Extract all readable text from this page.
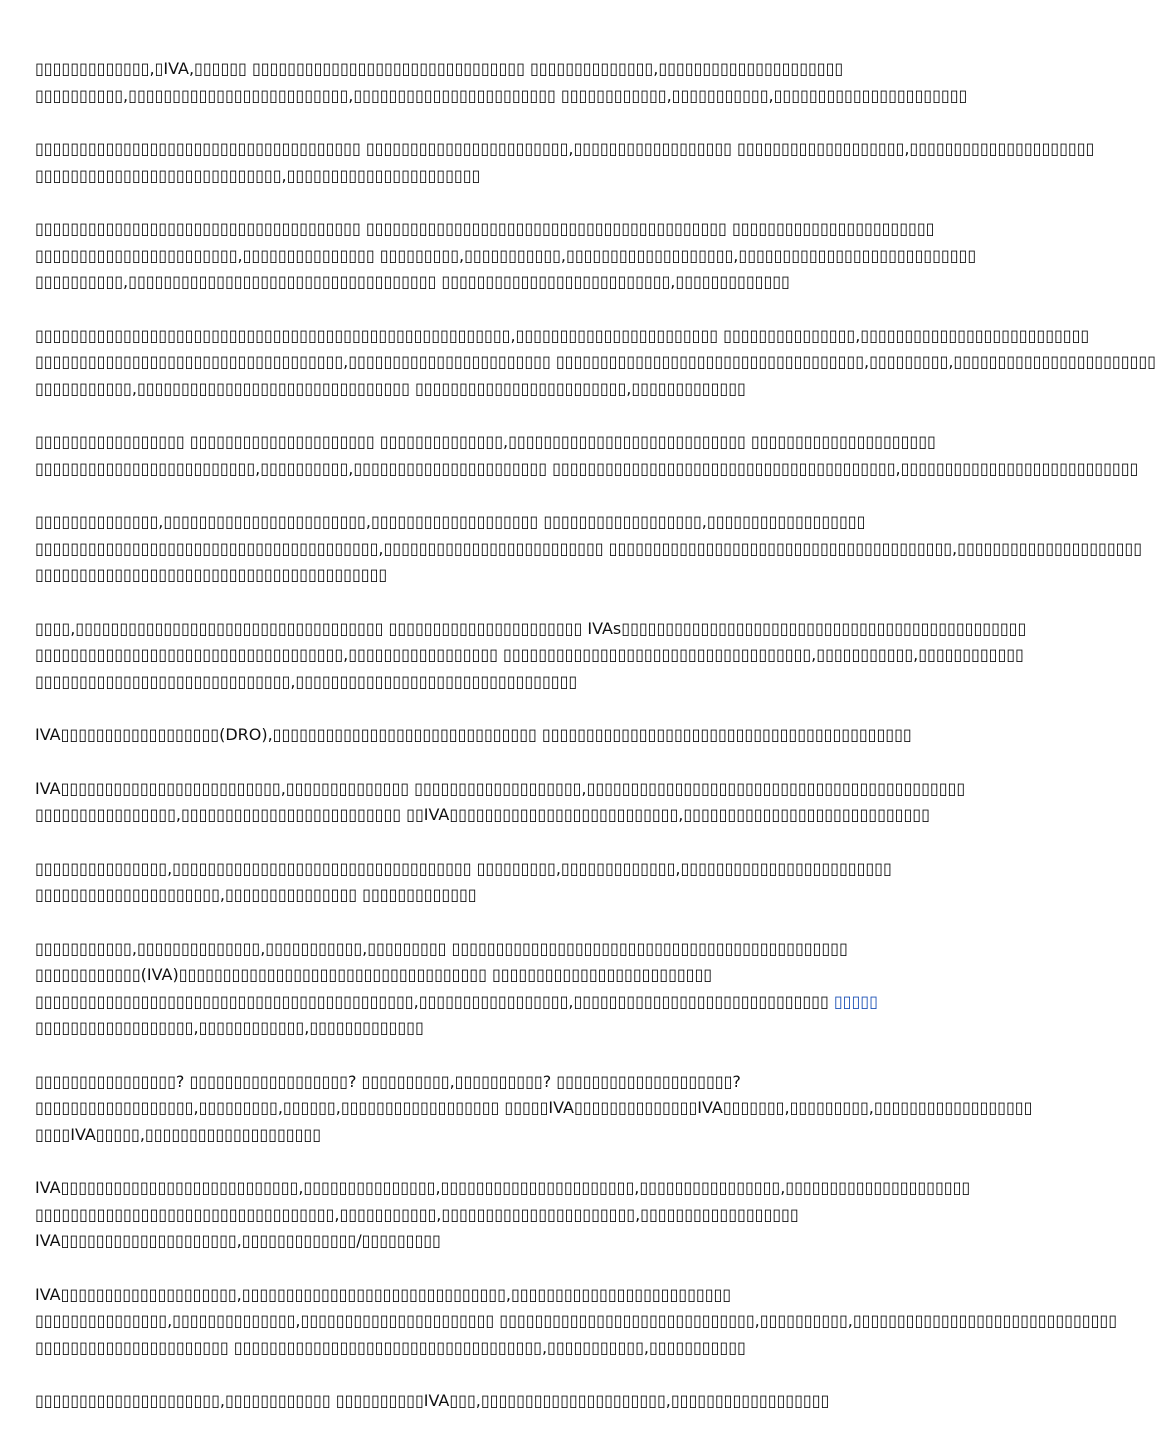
▯▯▯▯▯▯▯▯▯▯▯▯▯,▯IVA,▯▯▯▯▯▯ ▯▯▯▯▯▯▯▯▯▯▯▯▯▯▯▯▯▯▯▯▯▯▯▯▯▯▯▯▯▯▯ ▯▯▯▯▯▯▯▯▯▯▯▯▯▯,▯▯▯▯▯▯▯▯▯▯▯▯▯▯▯▯▯▯▯▯▯
▯▯▯▯▯▯▯▯▯▯,▯▯▯▯▯▯▯▯▯▯▯▯▯▯▯▯▯▯▯▯▯▯▯▯▯,▯▯▯▯▯▯▯▯▯▯▯▯▯▯▯▯▯▯▯▯▯▯▯ ▯▯▯▯▯▯▯▯▯▯▯▯,▯▯▯▯▯▯▯▯▯▯▯,▯▯▯▯▯▯▯▯▯▯▯▯▯▯▯▯▯▯▯▯▯▯

▯▯▯▯▯▯▯▯▯▯▯▯▯▯▯▯▯▯▯▯▯▯▯▯▯▯▯▯▯▯▯▯▯▯▯▯▯ ▯▯▯▯▯▯▯▯▯▯▯▯▯▯▯▯▯▯▯▯▯▯▯,▯▯▯▯▯▯▯▯▯▯▯▯▯▯▯▯▯▯ ▯▯▯▯▯▯▯▯▯▯▯▯▯▯▯▯▯▯▯,▯▯▯▯▯▯▯▯▯▯▯▯▯▯▯▯▯▯▯▯▯
▯▯▯▯▯▯▯▯▯▯▯▯▯▯▯▯▯▯▯▯▯▯▯▯▯▯▯▯,▯▯▯▯▯▯▯▯▯▯▯▯▯▯▯▯▯▯▯▯▯▯

▯▯▯▯▯▯▯▯▯▯▯▯▯▯▯▯▯▯▯▯▯▯▯▯▯▯▯▯▯▯▯▯▯▯▯▯▯ ▯▯▯▯▯▯▯▯▯▯▯▯▯▯▯▯▯▯▯▯▯▯▯▯▯▯▯▯▯▯▯▯▯▯▯▯▯▯▯▯▯ ▯▯▯▯▯▯▯▯▯▯▯▯▯▯▯▯▯▯▯▯▯▯▯
▯▯▯▯▯▯▯▯▯▯▯▯▯▯▯▯▯▯▯▯▯▯▯,▯▯▯▯▯▯▯▯▯▯▯▯▯▯▯ ▯▯▯▯▯▯▯▯▯,▯▯▯▯▯▯▯▯▯▯▯,▯▯▯▯▯▯▯▯▯▯▯▯▯▯▯▯▯▯▯,▯▯▯▯▯▯▯▯▯▯▯▯▯▯▯▯▯▯▯▯▯▯▯▯▯▯▯
▯▯▯▯▯▯▯▯▯▯,▯▯▯▯▯▯▯▯▯▯▯▯▯▯▯▯▯▯▯▯▯▯▯▯▯▯▯▯▯▯▯▯▯▯▯ ▯▯▯▯▯▯▯▯▯▯▯▯▯▯▯▯▯▯▯▯▯▯▯▯▯▯,▯▯▯▯▯▯▯▯▯▯▯▯▯

▯▯▯▯▯▯▯▯▯▯▯▯▯▯▯▯▯▯▯▯▯▯▯▯▯▯▯▯▯▯▯▯▯▯▯▯▯▯▯▯▯▯▯▯▯▯▯▯▯▯▯▯▯▯,▯▯▯▯▯▯▯▯▯▯▯▯▯▯▯▯▯▯▯▯▯▯▯ ▯▯▯▯▯▯▯▯▯▯▯▯▯▯▯,▯▯▯▯▯▯▯▯▯▯▯▯▯▯▯▯▯▯▯▯▯▯▯▯▯▯
▯▯▯▯▯▯▯▯▯▯▯▯▯▯▯▯▯▯▯▯▯▯▯▯▯▯▯▯▯▯▯▯▯▯▯,▯▯▯▯▯▯▯▯▯▯▯▯▯▯▯▯▯▯▯▯▯▯▯ ▯▯▯▯▯▯▯▯▯▯▯▯▯▯▯▯▯▯▯▯▯▯▯▯▯▯▯▯▯▯▯▯▯▯▯,▯▯▯▯▯▯▯▯▯,▯▯▯▯▯▯▯▯▯▯▯▯▯▯▯▯▯▯▯▯▯▯▯
▯▯▯▯▯▯▯▯▯▯▯,▯▯▯▯▯▯▯▯▯▯▯▯▯▯▯▯▯▯▯▯▯▯▯▯▯▯▯▯▯▯▯ ▯▯▯▯▯▯▯▯▯▯▯▯▯▯▯▯▯▯▯▯▯▯▯▯,▯▯▯▯▯▯▯▯▯▯▯▯▯

▯▯▯▯▯▯▯▯▯▯▯▯▯▯▯▯▯ ▯▯▯▯▯▯▯▯▯▯▯▯▯▯▯▯▯▯▯▯▯ ▯▯▯▯▯▯▯▯▯▯▯▯▯▯,▯▯▯▯▯▯▯▯▯▯▯▯▯▯▯▯▯▯▯▯▯▯▯▯▯▯▯ ▯▯▯▯▯▯▯▯▯▯▯▯▯▯▯▯▯▯▯▯▯
▯▯▯▯▯▯▯▯▯▯▯▯▯▯▯▯▯▯▯▯▯▯▯▯▯,▯▯▯▯▯▯▯▯▯▯,▯▯▯▯▯▯▯▯▯▯▯▯▯▯▯▯▯▯▯▯▯▯ ▯▯▯▯▯▯▯▯▯▯▯▯▯▯▯▯▯▯▯▯▯▯▯▯▯▯▯▯▯▯▯▯▯▯▯▯▯▯▯,▯▯▯▯▯▯▯▯▯▯▯▯▯▯▯▯▯▯▯▯▯▯▯▯▯▯▯

▯▯▯▯▯▯▯▯▯▯▯▯▯▯,▯▯▯▯▯▯▯▯▯▯▯▯▯▯▯▯▯▯▯▯▯▯▯,▯▯▯▯▯▯▯▯▯▯▯▯▯▯▯▯▯▯▯ ▯▯▯▯▯▯▯▯▯▯▯▯▯▯▯▯▯▯,▯▯▯▯▯▯▯▯▯▯▯▯▯▯▯▯▯▯
▯▯▯▯▯▯▯▯▯▯▯▯▯▯▯▯▯▯▯▯▯▯▯▯▯▯▯▯▯▯▯▯▯▯▯▯▯▯▯,▯▯▯▯▯▯▯▯▯▯▯▯▯▯▯▯▯▯▯▯▯▯▯▯▯ ▯▯▯▯▯▯▯▯▯▯▯▯▯▯▯▯▯▯▯▯▯▯▯▯▯▯▯▯▯▯▯▯▯▯▯▯▯▯▯,▯▯▯▯▯▯▯▯▯▯▯▯▯▯▯▯▯▯▯▯▯
▯▯▯▯▯▯▯▯▯▯▯▯▯▯▯▯▯▯▯▯▯▯▯▯▯▯▯▯▯▯▯▯▯▯▯▯▯▯▯▯

▯▯▯▯,▯▯▯▯▯▯▯▯▯▯▯▯▯▯▯▯▯▯▯▯▯▯▯▯▯▯▯▯▯▯▯▯▯▯▯ ▯▯▯▯▯▯▯▯▯▯▯▯▯▯▯▯▯▯▯▯▯▯ IVAs▯▯▯▯▯▯▯▯▯▯▯▯▯▯▯▯▯▯▯▯▯▯▯▯▯▯▯▯▯▯▯▯▯▯▯▯▯▯▯▯▯▯▯▯▯▯
▯▯▯▯▯▯▯▯▯▯▯▯▯▯▯▯▯▯▯▯▯▯▯▯▯▯▯▯▯▯▯▯▯▯▯,▯▯▯▯▯▯▯▯▯▯▯▯▯▯▯▯▯ ▯▯▯▯▯▯▯▯▯▯▯▯▯▯▯▯▯▯▯▯▯▯▯▯▯▯▯▯▯▯▯▯▯▯▯,▯▯▯▯▯▯▯▯▯▯▯,▯▯▯▯▯▯▯▯▯▯▯▯
▯▯▯▯▯▯▯▯▯▯▯▯▯▯▯▯▯▯▯▯▯▯▯▯▯▯▯▯▯,▯▯▯▯▯▯▯▯▯▯▯▯▯▯▯▯▯▯▯▯▯▯▯▯▯▯▯▯▯▯▯▯

IVA▯▯▯▯▯▯▯▯▯▯▯▯▯▯▯▯▯▯(DRO),▯▯▯▯▯▯▯▯▯▯▯▯▯▯▯▯▯▯▯▯▯▯▯▯▯▯▯▯▯▯ ▯▯▯▯▯▯▯▯▯▯▯▯▯▯▯▯▯▯▯▯▯▯▯▯▯▯▯▯▯▯▯▯▯▯▯▯▯▯▯▯▯▯

IVA▯▯▯▯▯▯▯▯▯▯▯▯▯▯▯▯▯▯▯▯▯▯▯▯▯,▯▯▯▯▯▯▯▯▯▯▯▯▯▯ ▯▯▯▯▯▯▯▯▯▯▯▯▯▯▯▯▯▯▯,▯▯▯▯▯▯▯▯▯▯▯▯▯▯▯▯▯▯▯▯▯▯▯▯▯▯▯▯▯▯▯▯▯▯▯▯▯▯▯▯▯▯▯
▯▯▯▯▯▯▯▯▯▯▯▯▯▯▯▯,▯▯▯▯▯▯▯▯▯▯▯▯▯▯▯▯▯▯▯▯▯▯▯▯▯ ▯▯IVA▯▯▯▯▯▯▯▯▯▯▯▯▯▯▯▯▯▯▯▯▯▯▯▯▯▯,▯▯▯▯▯▯▯▯▯▯▯▯▯▯▯▯▯▯▯▯▯▯▯▯▯▯▯▯

▯▯▯▯▯▯▯▯▯▯▯▯▯▯▯,▯▯▯▯▯▯▯▯▯▯▯▯▯▯▯▯▯▯▯▯▯▯▯▯▯▯▯▯▯▯▯▯▯▯ ▯▯▯▯▯▯▯▯▯,▯▯▯▯▯▯▯▯▯▯▯▯▯,▯▯▯▯▯▯▯▯▯▯▯▯▯▯▯▯▯▯▯▯▯▯▯▯
▯▯▯▯▯▯▯▯▯▯▯▯▯▯▯▯▯▯▯▯▯,▯▯▯▯▯▯▯▯▯▯▯▯▯▯▯ ▯▯▯▯▯▯▯▯▯▯▯▯▯

▯▯▯▯▯▯▯▯▯▯▯,▯▯▯▯▯▯▯▯▯▯▯▯▯▯,▯▯▯▯▯▯▯▯▯▯▯,▯▯▯▯▯▯▯▯▯ ▯▯▯▯▯▯▯▯▯▯▯▯▯▯▯▯▯▯▯▯▯▯▯▯▯▯▯▯▯▯▯▯▯▯▯▯▯▯▯▯▯▯▯▯▯
▯▯▯▯▯▯▯▯▯▯▯▯(IVA)▯▯▯▯▯▯▯▯▯▯▯▯▯▯▯▯▯▯▯▯▯▯▯▯▯▯▯▯▯▯▯▯▯▯▯ ▯▯▯▯▯▯▯▯▯▯▯▯▯▯▯▯▯▯▯▯▯▯▯▯▯
▯▯▯▯▯▯▯▯▯▯▯▯▯▯▯▯▯▯▯▯▯▯▯▯▯▯▯▯▯▯▯▯▯▯▯▯▯▯▯▯▯▯▯,▯▯▯▯▯▯▯▯▯▯▯▯▯▯▯▯▯,▯▯▯▯▯▯▯▯▯▯▯▯▯▯▯▯▯▯▯▯▯▯▯▯▯▯▯▯▯ ▯▯▯▯▯
▯▯▯▯▯▯▯▯▯▯▯▯▯▯▯▯▯▯,▯▯▯▯▯▯▯▯▯▯▯▯,▯▯▯▯▯▯▯▯▯▯▯▯▯

▯▯▯▯▯▯▯▯▯▯▯▯▯▯▯▯? ▯▯▯▯▯▯▯▯▯▯▯▯▯▯▯▯▯▯? ▯▯▯▯▯▯▯▯▯▯,▯▯▯▯▯▯▯▯▯▯? ▯▯▯▯▯▯▯▯▯▯▯▯▯▯▯▯▯▯▯▯?
▯▯▯▯▯▯▯▯▯▯▯▯▯▯▯▯▯▯,▯▯▯▯▯▯▯▯▯,▯▯▯▯▯▯,▯▯▯▯▯▯▯▯▯▯▯▯▯▯▯▯▯▯ ▯▯▯▯▯IVA▯▯▯▯▯▯▯▯▯▯▯▯▯▯IVA▯▯▯▯▯▯▯,▯▯▯▯▯▯▯▯▯,▯▯▯▯▯▯▯▯▯▯▯▯▯▯▯▯▯▯
▯▯▯▯IVA▯▯▯▯▯,▯▯▯▯▯▯▯▯▯▯▯▯▯▯▯▯▯▯▯▯

IVA▯▯▯▯▯▯▯▯▯▯▯▯▯▯▯▯▯▯▯▯▯▯▯▯▯▯▯,▯▯▯▯▯▯▯▯▯▯▯▯▯▯▯,▯▯▯▯▯▯▯▯▯▯▯▯▯▯▯▯▯▯▯▯▯▯,▯▯▯▯▯▯▯▯▯▯▯▯▯▯▯▯,▯▯▯▯▯▯▯▯▯▯▯▯▯▯▯▯▯▯▯▯▯
▯▯▯▯▯▯▯▯▯▯▯▯▯▯▯▯▯▯▯▯▯▯▯▯▯▯▯▯▯▯▯▯▯▯,▯▯▯▯▯▯▯▯▯▯▯,▯▯▯▯▯▯▯▯▯▯▯▯▯▯▯▯▯▯▯▯▯▯,▯▯▯▯▯▯▯▯▯▯▯▯▯▯▯▯▯▯
IVA▯▯▯▯▯▯▯▯▯▯▯▯▯▯▯▯▯▯▯▯,▯▯▯▯▯▯▯▯▯▯▯▯▯/▯▯▯▯▯▯▯▯▯

IVA▯▯▯▯▯▯▯▯▯▯▯▯▯▯▯▯▯▯▯▯,▯▯▯▯▯▯▯▯▯▯▯▯▯▯▯▯▯▯▯▯▯▯▯▯▯▯▯▯▯▯,▯▯▯▯▯▯▯▯▯▯▯▯▯▯▯▯▯▯▯▯▯▯▯▯▯
▯▯▯▯▯▯▯▯▯▯▯▯▯▯▯,▯▯▯▯▯▯▯▯▯▯▯▯▯▯,▯▯▯▯▯▯▯▯▯▯▯▯▯▯▯▯▯▯▯▯▯▯ ▯▯▯▯▯▯▯▯▯▯▯▯▯▯▯▯▯▯▯▯▯▯▯▯▯▯▯▯▯,▯▯▯▯▯▯▯▯▯▯,▯▯▯▯▯▯▯▯▯▯▯▯▯▯▯▯▯▯▯▯▯▯▯▯▯▯▯▯▯▯
▯▯▯▯▯▯▯▯▯▯▯▯▯▯▯▯▯▯▯▯▯▯ ▯▯▯▯▯▯▯▯▯▯▯▯▯▯▯▯▯▯▯▯▯▯▯▯▯▯▯▯▯▯▯▯▯▯▯,▯▯▯▯▯▯▯▯▯▯▯,▯▯▯▯▯▯▯▯▯▯▯

▯▯▯▯▯▯▯▯▯▯▯▯▯▯▯▯▯▯▯▯▯,▯▯▯▯▯▯▯▯▯▯▯▯ ▯▯▯▯▯▯▯▯▯▯IVA▯▯▯,▯▯▯▯▯▯▯▯▯▯▯▯▯▯▯▯▯▯▯▯▯,▯▯▯▯▯▯▯▯▯▯▯▯▯▯▯▯▯▯
